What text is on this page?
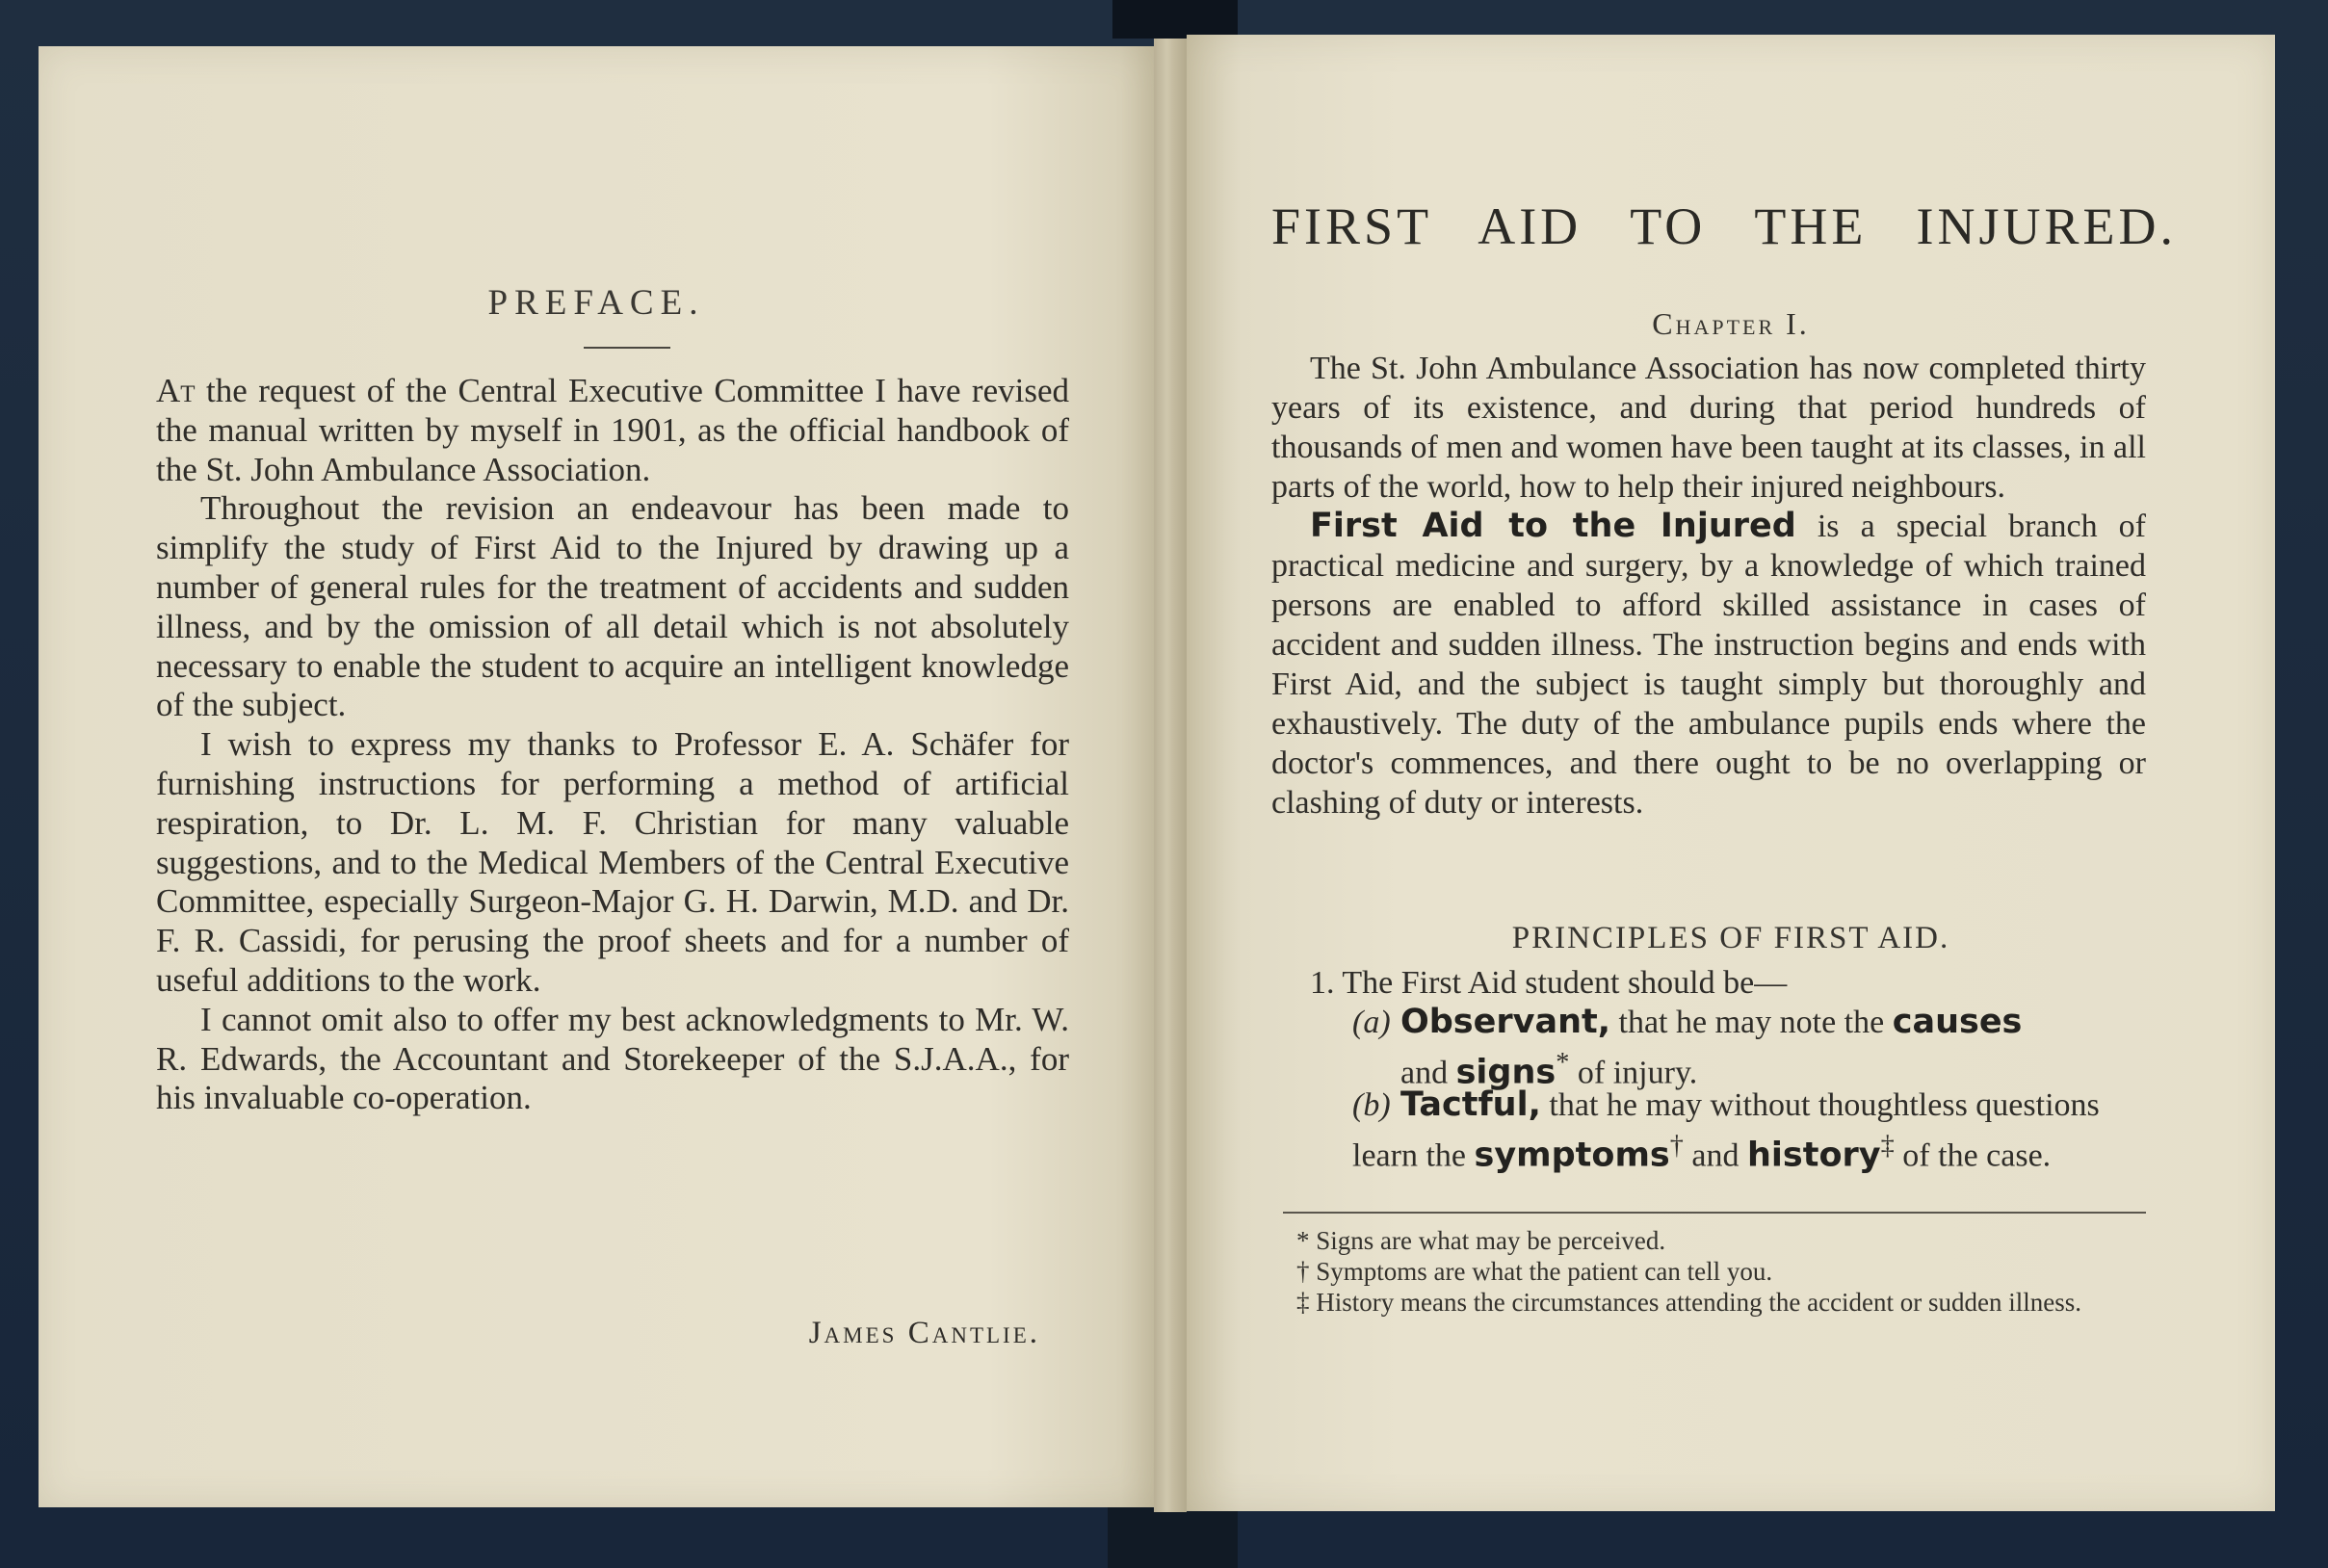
PREFACE.

At the request of the Central Executive Committee I have revised the manual written by myself in 1901, as the official handbook of the St. John Ambulance Association.

Throughout the revision an endeavour has been made to simplify the study of First Aid to the Injured by drawing up a number of general rules for the treatment of accidents and sudden illness, and by the omission of all detail which is not absolutely necessary to enable the student to acquire an intelligent knowledge of the subject.

I wish to express my thanks to Professor E. A. Schäfer for furnishing instructions for performing a method of artificial respiration, to Dr. L. M. F. Christian for many valuable suggestions, and to the Medical Members of the Central Executive Committee, especially Surgeon-Major G. H. Darwin, M.D. and Dr. F. R. Cassidi, for perusing the proof sheets and for a number of useful additions to the work.

I cannot omit also to offer my best acknowledgments to Mr. W. R. Edwards, the Accountant and Storekeeper of the S.J.A.A., for his invaluable co-operation.

James Cantlie.
FIRST AID TO THE INJURED.
Chapter I.

The St. John Ambulance Association has now completed thirty years of its existence, and during that period hundreds of thousands of men and women have been taught at its classes, in all parts of the world, how to help their injured neighbours.

First Aid to the Injured is a special branch of practical medicine and surgery, by a knowledge of which trained persons are enabled to afford skilled assistance in cases of accident and sudden illness. The instruction begins and ends with First Aid, and the subject is taught simply but thoroughly and exhaustively. The duty of the ambulance pupils ends where the doctor's commences, and there ought to be no overlapping or clashing of duty or interests.

PRINCIPLES OF FIRST AID.
1. The First Aid student should be—
(a) Observant, that he may note the causes
and signs* of injury.
(b) Tactful, that he may without thoughtless questions learn the symptoms† and history‡ of the case.

* Signs are what may be perceived.

† Symptoms are what the patient can tell you.

‡ History means the circumstances attending the accident or sudden illness.
